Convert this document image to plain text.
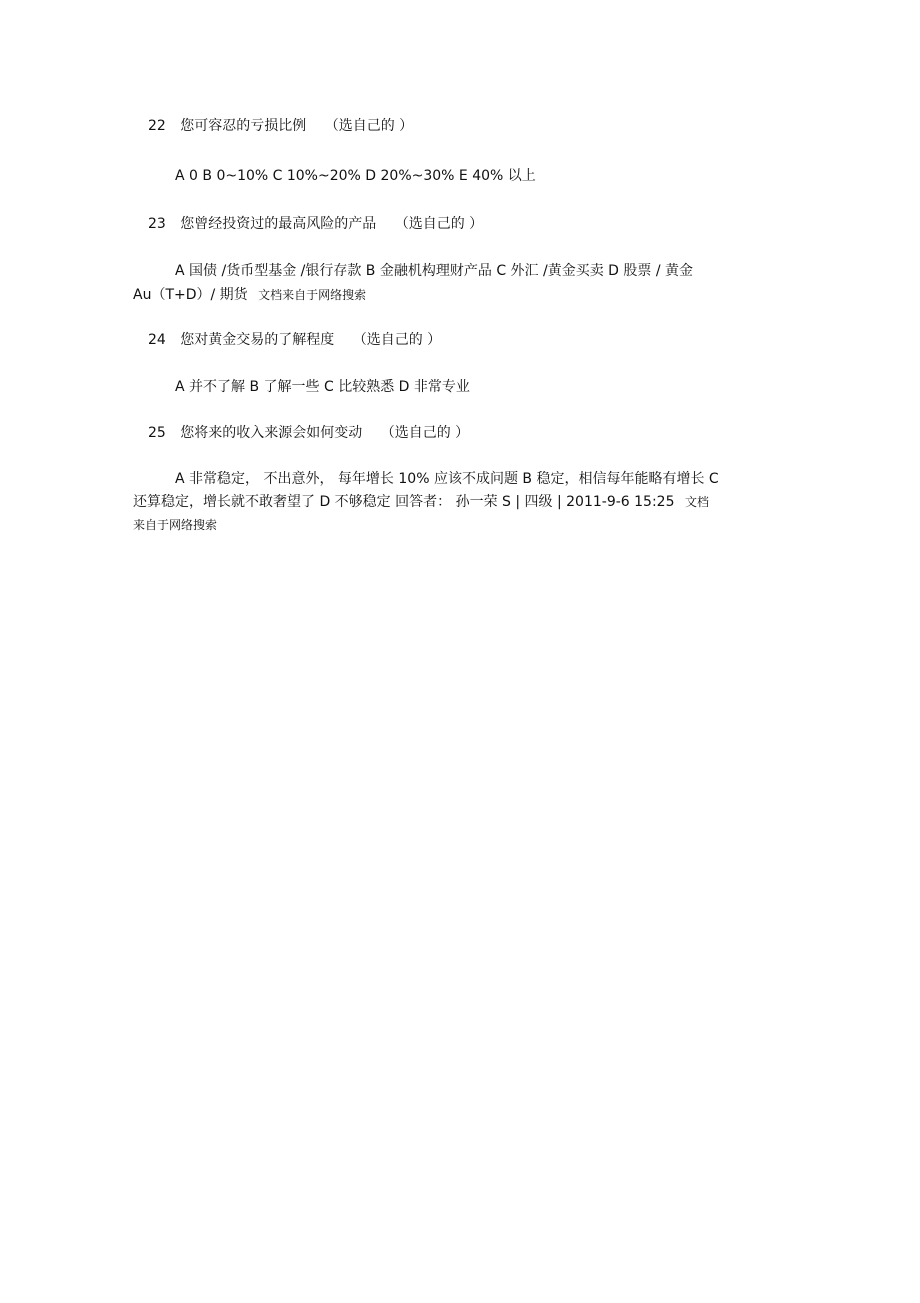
22 您可容忍的亏损比例 （选自己的 ）
A 0 B 0~10% C 10%~20% D 20%~30% E 40% 以上
23 您曾经投资过的最高风险的产品 （选自己的 ）
A 国债 /货币型基金 /银行存款 B 金融机构理财产品 C 外汇 /黄金买卖 D 股票 / 黄金
Au（T+D）/ 期货 文档来自于网络搜索
24 您对黄金交易的了解程度 （选自己的 ）
A 并不了解 B 了解一些 C 比较熟悉 D 非常专业
25 您将来的收入来源会如何变动 （选自己的 ）
A 非常稳定， 不出意外， 每年增长 10% 应该不成问题 B 稳定，相信每年能略有增长 C
还算稳定，增长就不敢奢望了 D 不够稳定 回答者： 孙一荣 S | 四级 | 2011-9-6 15:25 文档
来自于网络搜索
